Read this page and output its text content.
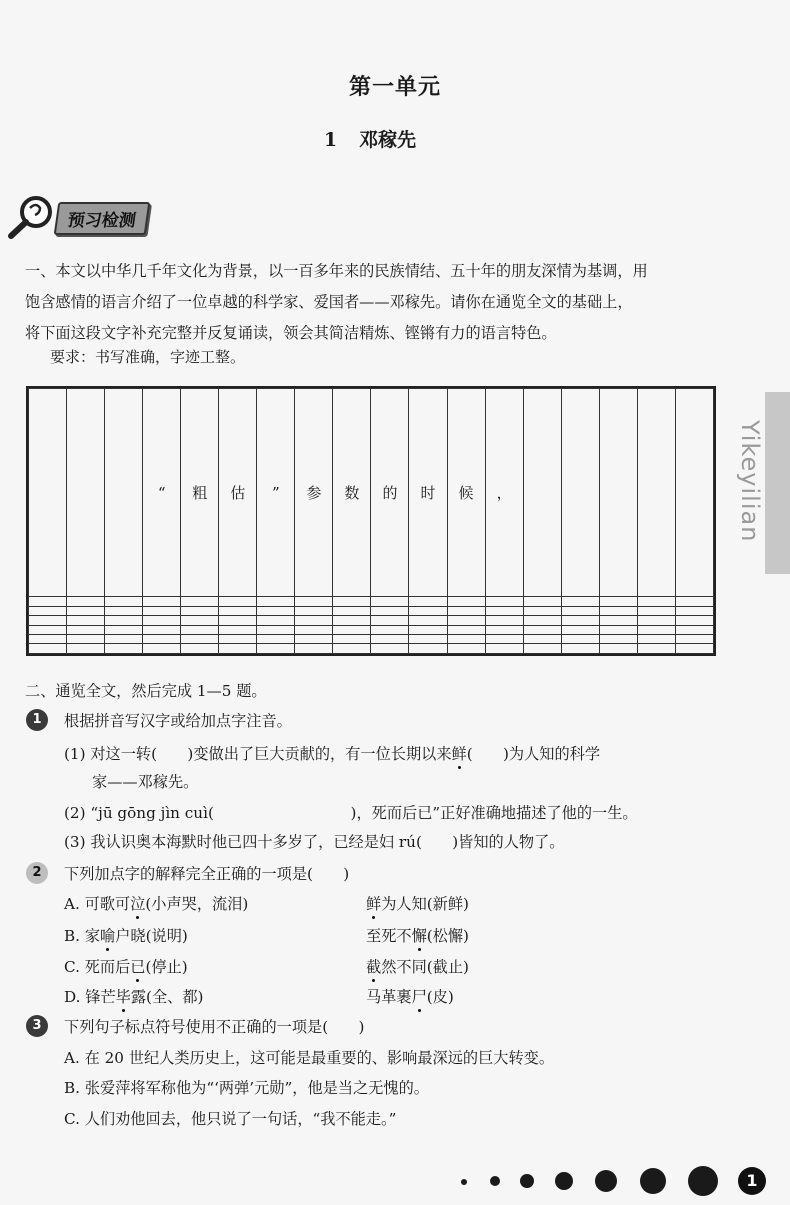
第一单元
1 邓稼先
预习检测
Yikeyilian
一、本文以中华几千年文化为背景，以一百多年来的民族情结、五十年的朋友深情为基调，用
饱含感情的语言介绍了一位卓越的科学家、爱国者——邓稼先。请你在通览全文的基础上，
将下面这段文字补充完整并反复诵读，领会其简洁精炼、铿锵有力的语言特色。
要求：书写准确，字迹工整。
			“	粗	估	”	参	数	的	时	候	，					

二、通览全文，然后完成 1—5 题。
1	根据拼音写汉字或给加点字注音。
(1) 对这一转(　　)变做出了巨大贡献的，有一位长期以来鲜(　　)为人知的科学
家——邓稼先。
(2) “jū gōng jìn cuì(　　　　　　　　　)，死而后已”正好准确地描述了他的一生。
(3) 我认识奥本海默时他已四十多岁了，已经是妇 rú(　　)皆知的人物了。
2	下列加点字的解释完全正确的一项是(　　)
A. 可歌可泣(小声哭，流泪)	鲜为人知(新鲜)
B. 家喻户晓(说明)	至死不懈(松懈)
C. 死而后已(停止)	截然不同(截止)
D. 锋芒毕露(全、都)	马革裹尸(皮)
3	下列句子标点符号使用不正确的一项是(　　)
A. 在 20 世纪人类历史上，这可能是最重要的、影响最深远的巨大转变。
B. 张爱萍将军称他为“‘两弹’元勋”，他是当之无愧的。
C. 人们劝他回去，他只说了一句话，“我不能走。”
1
